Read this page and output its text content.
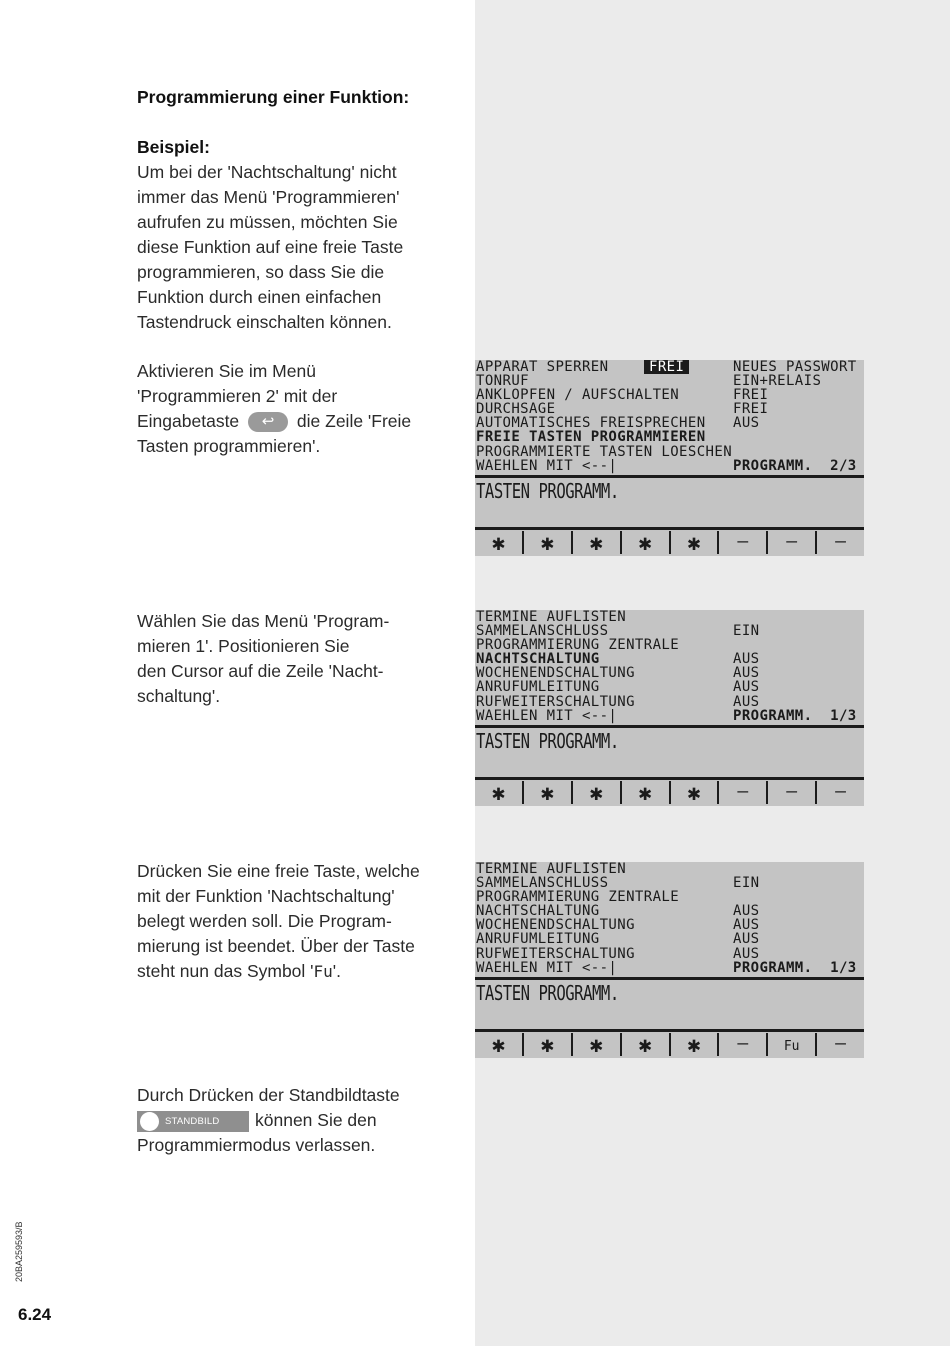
Programmierung einer Funktion:

Beispiel:

Um bei der 'Nachtschaltung' nicht

immer das Menü 'Programmieren'

aufrufen zu müssen, möchten Sie

diese Funktion auf eine freie Taste

programmieren, so dass Sie die

Funktion durch einen einfachen

Tastendruck einschalten können.

Aktivieren Sie im Menü

'Programmieren 2' mit der

Eingabetaste ↩ die Zeile 'Freie

Tasten programmieren'.

Wählen Sie das Menü 'Program-

mieren 1'. Positionieren Sie

den Cursor auf die Zeile 'Nacht-

schaltung'.

Drücken Sie eine freie Taste, welche

mit der Funktion 'Nachtschaltung'

belegt werden soll. Die Program-

mierung ist beendet. Über der Taste

steht nun das Symbol 'Fu'.

Durch Drücken der Standbildtaste

STANDBILD können Sie den

Programmiermodus verlassen.

APPARAT SPERREN	FREI	NEUES PASSWORT
TONRUF	EIN+RELAIS
ANKLOPFEN / AUFSCHALTEN	FREI
DURCHSAGE	FREI
AUTOMATISCHES FREISPRECHEN AUS
FREIE TASTEN PROGRAMMIEREN
PROGRAMMIERTE TASTEN LOESCHEN
WAEHLEN MIT <--|	PROGRAMM.  2/3
TASTEN PROGRAMM.
✱	✱	✱	✱	✱	—	—	—
TERMINE AUFLISTEN
SAMMELANSCHLUSS	EIN
PROGRAMMIERUNG ZENTRALE
NACHTSCHALTUNG	AUS
WOCHENENDSCHALTUNG	AUS
ANRUFUMLEITUNG	AUS
RUFWEITERSCHALTUNG	AUS
WAEHLEN MIT <--|	PROGRAMM.  1/3
TASTEN PROGRAMM.
✱	✱	✱	✱	✱	—	—	—
TERMINE AUFLISTEN
SAMMELANSCHLUSS	EIN
PROGRAMMIERUNG ZENTRALE
NACHTSCHALTUNG	AUS
WOCHENENDSCHALTUNG	AUS
ANRUFUMLEITUNG	AUS
RUFWEITERSCHALTUNG	AUS
WAEHLEN MIT <--|	PROGRAMM.  1/3
TASTEN PROGRAMM.
✱	✱	✱	✱	✱	—	Fu	—
20BA259593/B
6.24
